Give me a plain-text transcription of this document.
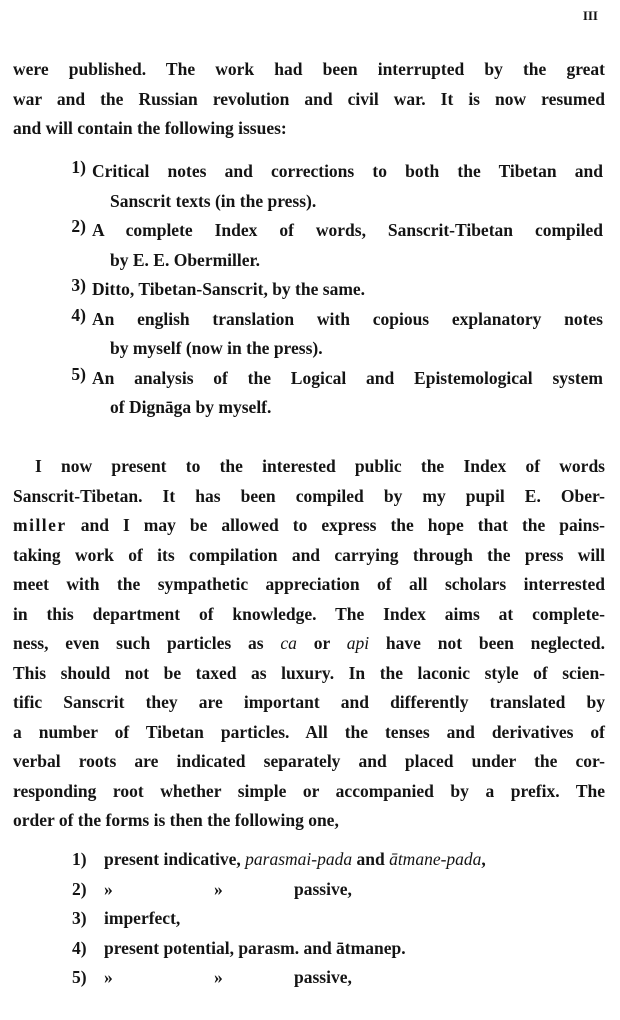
III
were published. The work had been interrupted by the great
war and the Russian revolution and civil war. It is now resumed
and will contain the following issues:
1) Critical notes and corrections to both the Tibetan and
Sanscrit texts (in the press).
2) A complete Index of words, Sanscrit-Tibetan compiled
by E. E. Obermiller.
3) Ditto, Tibetan-Sanscrit, by the same.
4) An english translation with copious explanatory notes
by myself (now in the press).
5) An analysis of the Logical and Epistemological system
of Dignāga by myself.
I now present to the interested public the Index of words
Sanscrit-Tibetan. It has been compiled by my pupil E. Ober-
miller and I may be allowed to express the hope that the pains-
taking work of its compilation and carrying through the press will
meet with the sympathetic appreciation of all scholars interrested
in this department of knowledge. The Index aims at complete-
ness, even such particles as ca or api have not been neglected.
This should not be taxed as luxury. In the laconic style of scien-
tific Sanscrit they are important and differently translated by
a number of Tibetan particles. All the tenses and derivatives of
verbal roots are indicated separately and placed under the cor-
responding root whether simple or accompanied by a prefix. The
order of the forms is then the following one,
1) present indicative, parasmai-pada and ātmane-pada,
2) »	»	passive,
3) imperfect,
4) present potential, parasm. and ātmanep.
5) »	»	passive,
